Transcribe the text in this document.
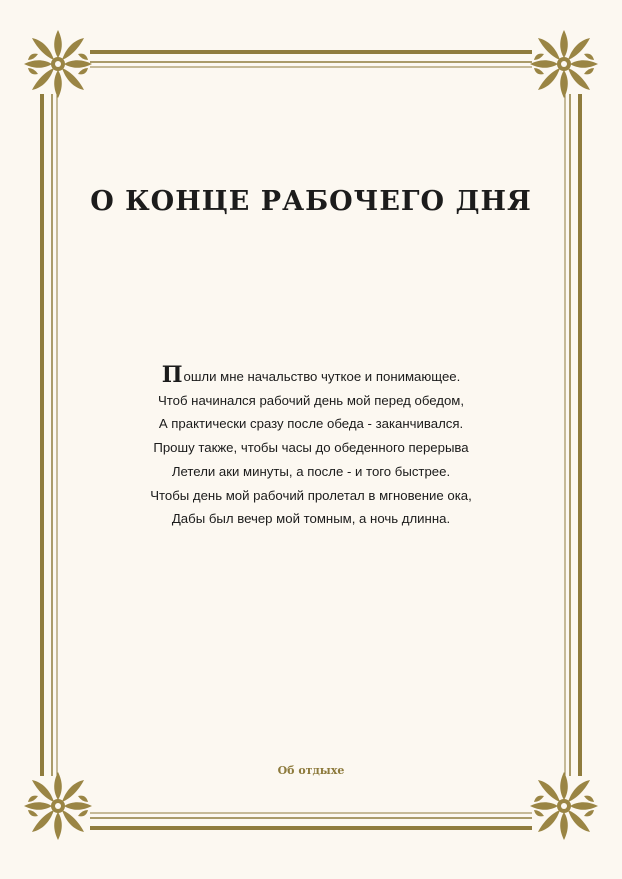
О КОНЦЕ РАБОЧЕГО ДНЯ
Пошли мне начальство чуткое и понимающее.
Чтоб начинался рабочий день мой перед обедом,
А практически сразу после обеда - заканчивался.
Прошу также, чтобы часы до обеденного перерыва
Летели аки минуты, а после - и того быстрее.
Чтобы день мой рабочий пролетал в мгновение ока,
Дабы был вечер мой томным, а ночь длинна.
Об отдыхе
